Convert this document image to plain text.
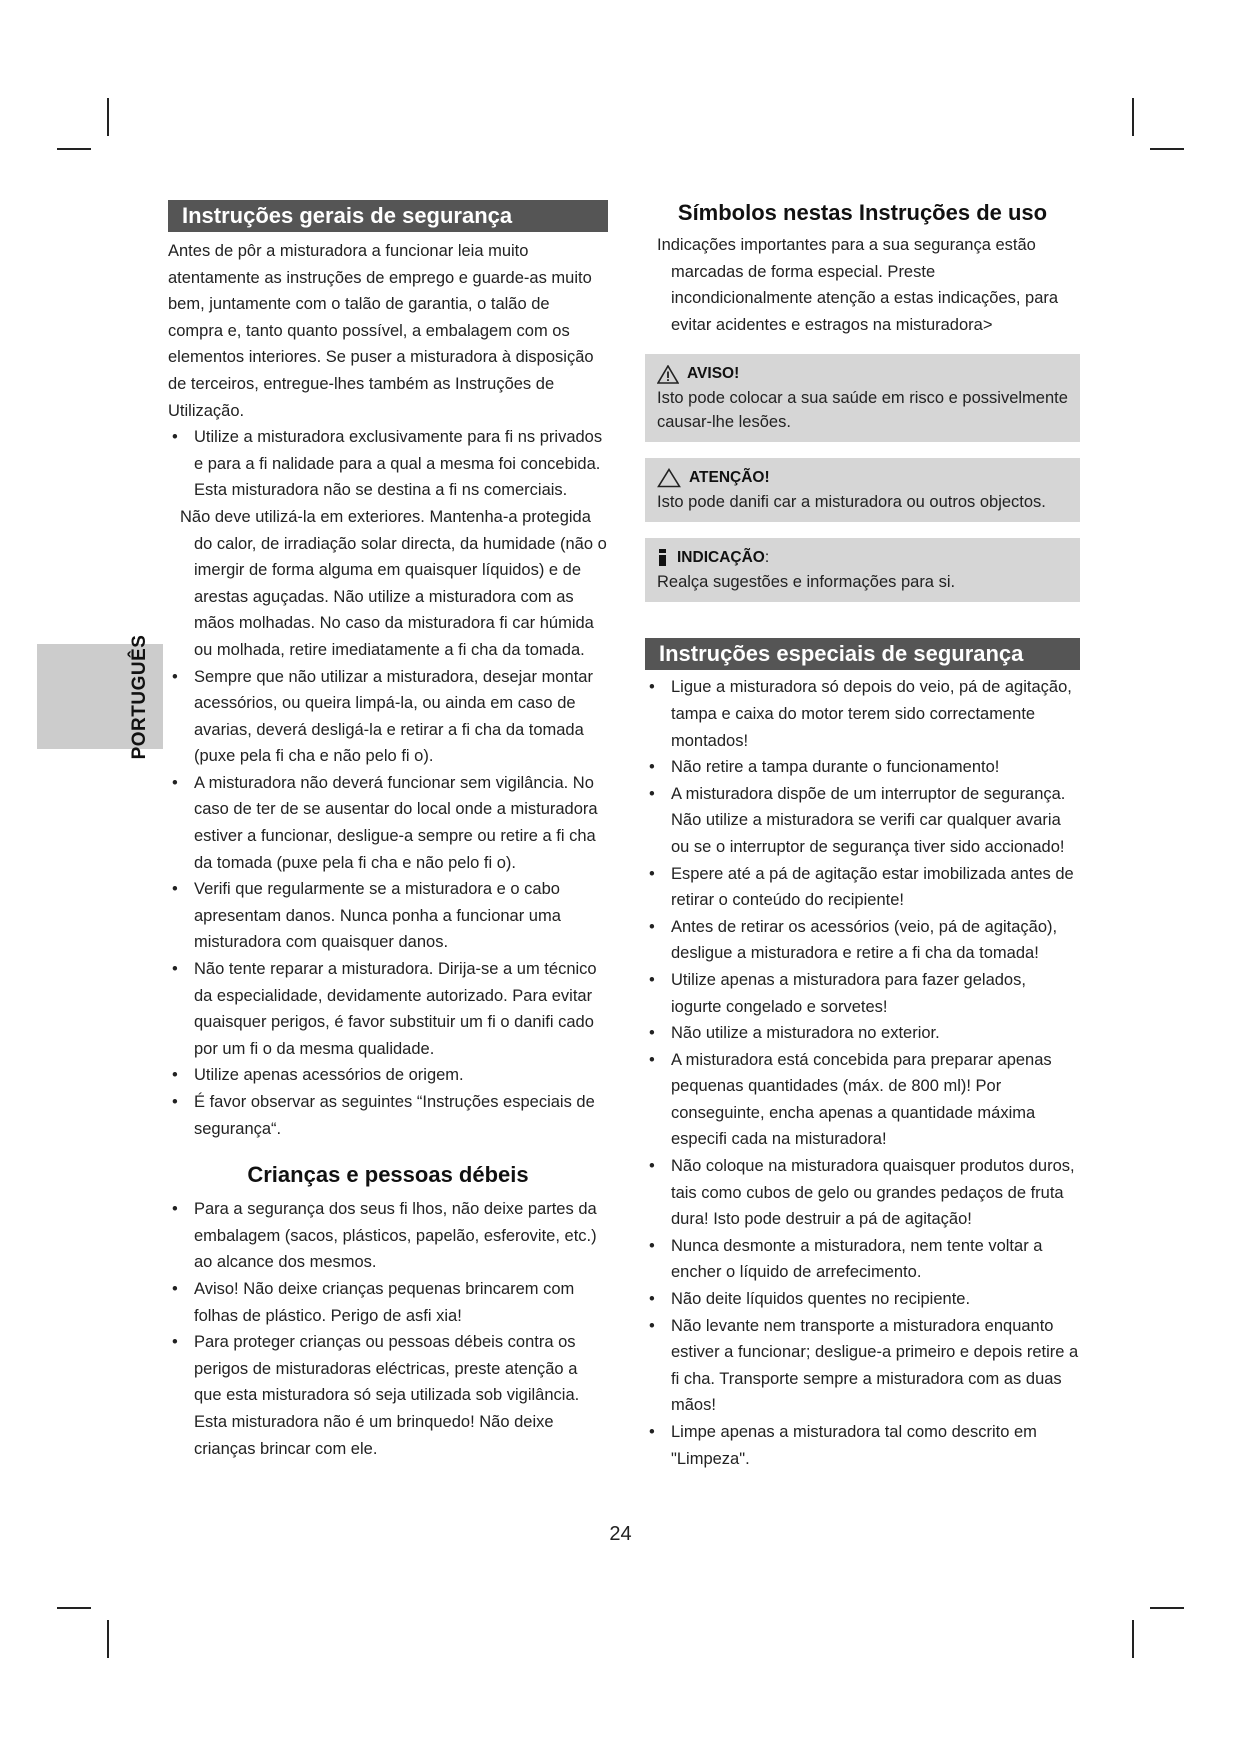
PORTUGUÊS
Instruções gerais de segurança

Antes de pôr a misturadora a funcionar leia muito atentamente as instruções de emprego e guarde-as muito bem, juntamente com o talão de garantia, o talão de compra e, tanto quanto possível, a embalagem com os elementos interiores. Se puser a misturadora à disposição de terceiros, entregue-lhes também as Instruções de Utilização.

• Utilize a misturadora exclusivamente para fi ns privados e para a fi nalidade para a qual a mesma foi concebida. Esta misturadora não se destina a fi ns comerciais.

Não deve utilizá-la em exteriores. Mantenha-a protegida do calor, de irradiação solar directa, da humidade (não o imergir de forma alguma em quaisquer líquidos) e de arestas aguçadas. Não utilize a misturadora com as mãos molhadas. No caso da misturadora fi car húmida ou molhada, retire imediatamente a fi cha da tomada.

• Sempre que não utilizar a misturadora, desejar montar acessórios, ou queira limpá-la, ou ainda em caso de avarias, deverá desligá-la e retirar a fi cha da tomada (puxe pela fi cha e não pelo fi o).
• A misturadora não deverá funcionar sem vigilância. No caso de ter de se ausentar do local onde a misturadora estiver a funcionar, desligue-a sempre ou retire a fi cha da tomada (puxe pela fi cha e não pelo fi o).
• Verifi que regularmente se a misturadora e o cabo apresentam danos. Nunca ponha a funcionar uma misturadora com quaisquer danos.
• Não tente reparar a misturadora. Dirija-se a um técnico da especialidade, devidamente autorizado. Para evitar quaisquer perigos, é favor substituir um fi o danifi cado por um fi o da mesma qualidade.
• Utilize apenas acessórios de origem.
• É favor observar as seguintes “Instruções especiais de segurança“.
Crianças e pessoas débeis
• Para a segurança dos seus fi lhos, não deixe partes da embalagem (sacos, plásticos, papelão, esferovite, etc.) ao alcance dos mesmos.
• Aviso! Não deixe crianças pequenas brincarem com folhas de plástico. Perigo de asfi xia!
• Para proteger crianças ou pessoas débeis contra os perigos de misturadoras eléctricas, preste atenção a que esta misturadora só seja utilizada sob vigilância. Esta misturadora não é um brinquedo! Não deixe crianças brincar com ele.
Símbolos nestas Instruções de uso

Indicações importantes para a sua segurança estão marcadas de forma especial. Preste incondicionalmente atenção a estas indicações, para evitar acidentes e estragos na misturadora>

AVISO!
Isto pode colocar a sua saúde em risco e possivelmente causar-lhe lesões.
ATENÇÃO!
Isto pode danifi car a misturadora ou outros objectos.
INDICAÇÃO:
Realça sugestões e informações para si.
Instruções especiais de segurança
• Ligue a misturadora só depois do veio, pá de agitação, tampa e caixa do motor terem sido correctamente montados!
• Não retire a tampa durante o funcionamento!
• A misturadora dispõe de um interruptor de segurança. Não utilize a misturadora se verifi car qualquer avaria ou se o interruptor de segurança tiver sido accionado!
• Espere até a pá de agitação estar imobilizada antes de retirar o conteúdo do recipiente!
• Antes de retirar os acessórios (veio, pá de agitação), desligue a misturadora e retire a fi cha da tomada!
• Utilize apenas a misturadora para fazer gelados, iogurte congelado e sorvetes!
• Não utilize a misturadora no exterior.
• A misturadora está concebida para preparar apenas pequenas quantidades (máx. de 800 ml)! Por conseguinte, encha apenas a quantidade máxima especifi cada na misturadora!
• Não coloque na misturadora quaisquer produtos duros, tais como cubos de gelo ou grandes pedaços de fruta dura! Isto pode destruir a pá de agitação!
• Nunca desmonte a misturadora, nem tente voltar a encher o líquido de arrefecimento.
• Não deite líquidos quentes no recipiente.
• Não levante nem transporte a misturadora enquanto estiver a funcionar; desligue-a primeiro e depois retire a fi cha. Transporte sempre a misturadora com as duas mãos!
• Limpe apenas a misturadora tal como descrito em "Limpeza".
24
